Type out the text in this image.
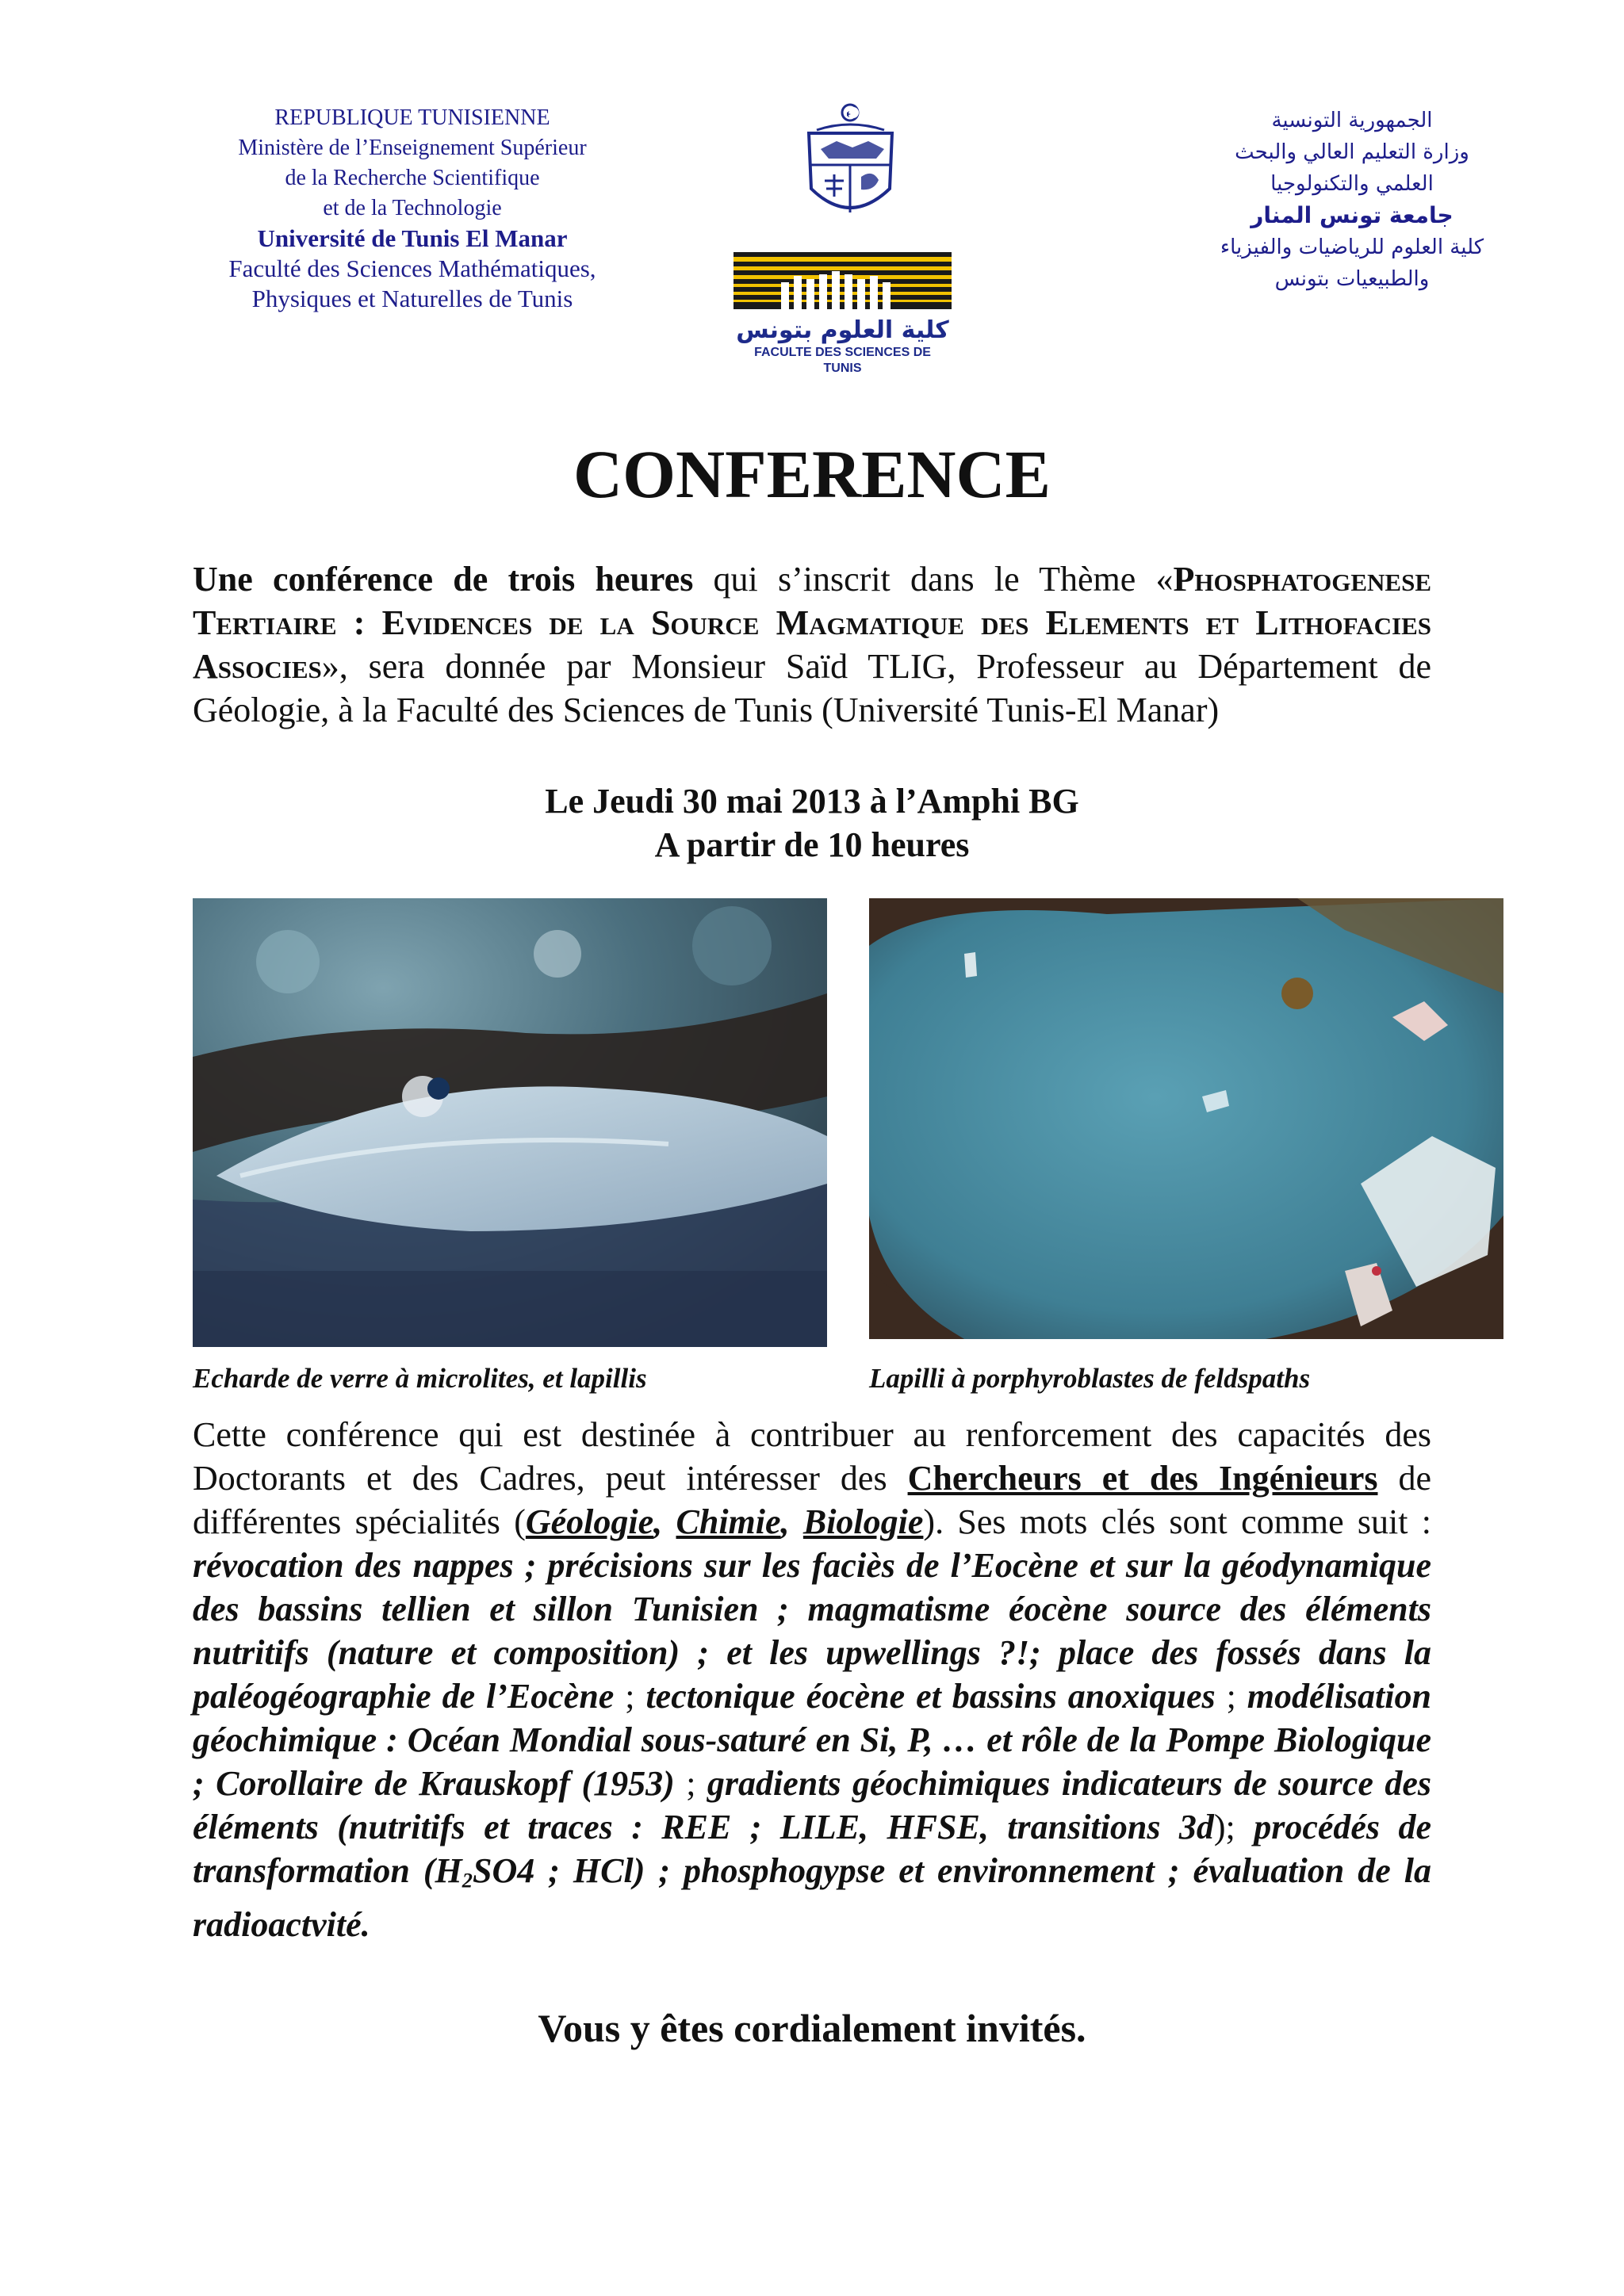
REPUBLIQUE TUNISIENNE
Ministère de l’Enseignement Supérieur
de la Recherche Scientifique
et de la Technologie
Université de Tunis El Manar
Faculté des Sciences Mathématiques,
Physiques et Naturelles de Tunis
كلية العلوم بتونس
FACULTE DES SCIENCES DE TUNIS
الجمهورية التونسية
وزارة التعليم العالي والبحث
العلمي والتكنولوجيا
جامعة تونس المنار
كلية العلوم للرياضيات والفيزياء
والطبيعيات بتونس
CONFERENCE
Une conférence de trois heures qui s’inscrit dans le Thème «Phosphatogenese Tertiaire : Evidences de la Source Magmatique des Elements et Lithofacies Associes», sera donnée par Monsieur Saïd TLIG, Professeur au Département de Géologie, à la Faculté des Sciences de Tunis (Université Tunis-El Manar)
Le Jeudi 30 mai 2013 à l’Amphi BG
A partir de 10 heures
Echarde de verre à microlites, et lapillis	Lapilli à porphyroblastes de feldspaths
Cette conférence qui est destinée à contribuer au renforcement des capacités des Doctorants et des Cadres, peut intéresser des Chercheurs et des Ingénieurs de différentes spécialités (Géologie, Chimie, Biologie). Ses mots clés sont comme suit : révocation des nappes ; précisions sur les faciès de l’Eocène et sur la géodynamique des bassins tellien et sillon Tunisien ; magmatisme éocène source des éléments nutritifs (nature et composition) ; et les upwellings ?!; place des fossés dans la paléogéographie de l’Eocène ; tectonique éocène et bassins anoxiques ; modélisation géochimique : Océan Mondial sous-saturé en Si, P, … et rôle de la Pompe Biologique ; Corollaire de Krauskopf (1953) ; gradients géochimiques indicateurs de source des éléments (nutritifs et traces : REE ; LILE, HFSE, transitions 3d); procédés de transformation ($H_2SO4$ ; HCl) ; phosphogypse et environnement ; évaluation de la radioactvité.
Vous y êtes cordialement invités.
